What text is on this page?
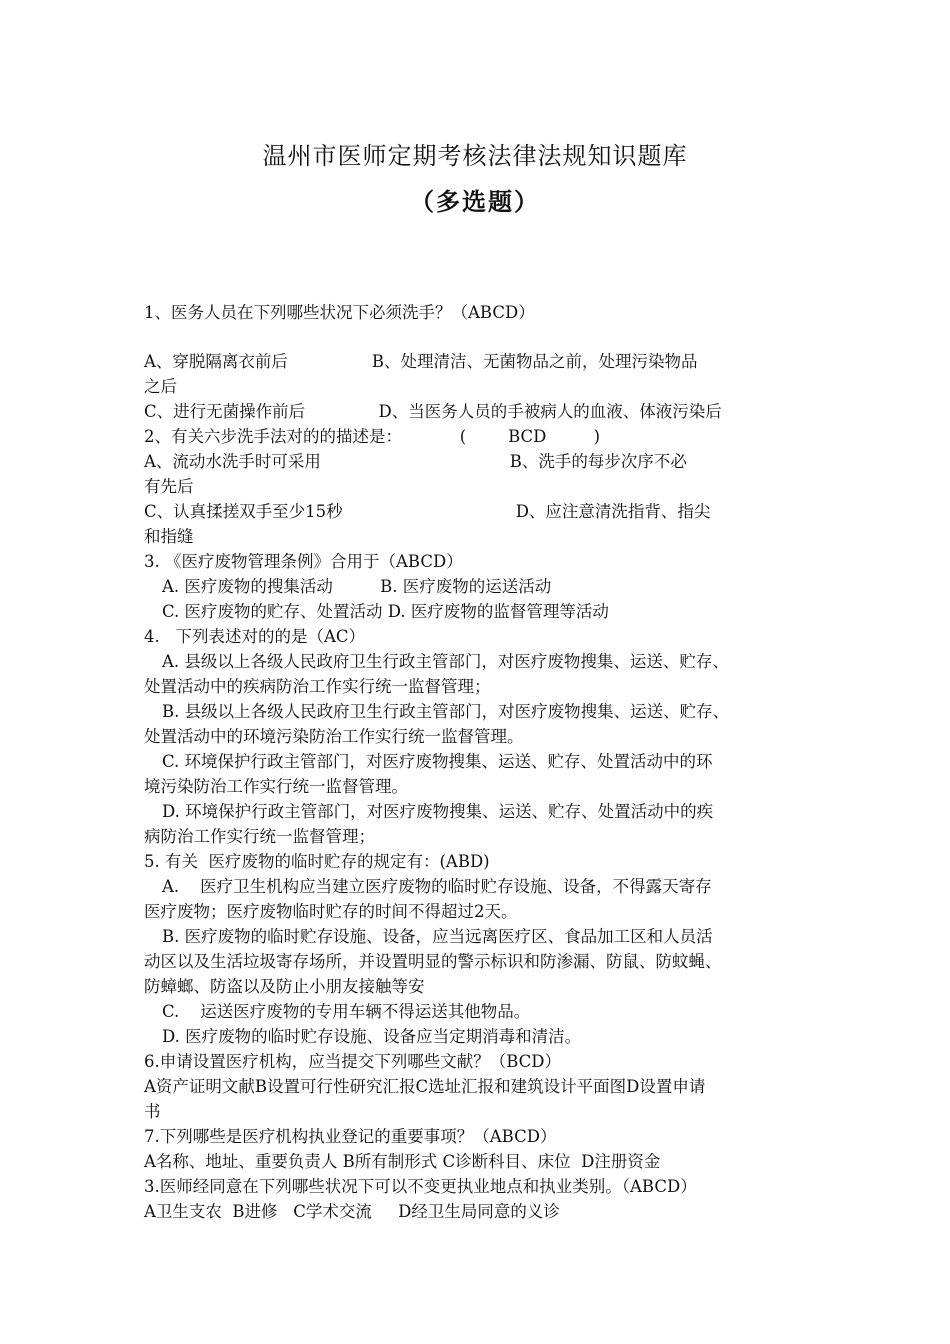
温州市医师定期考核法律法规知识题库
（多选题）
1、医务人员在下列哪些状况下必须洗手？（ABCD）
A、穿脱隔离衣前后                B、处理清洁、无菌物品之前，处理污染物品
之后
C、进行无菌操作前后              D、当医务人员的手被病人的血液、体液污染后
2、有关六步洗手法对的的描述是：           (        BCD         )
A、流动水洗手时可采用                                    B、洗手的每步次序不必
有先后
C、认真揉搓双手至少15秒                                 D、应注意清洗指背、指尖
和指缝
3. 《医疗废物管理条例》合用于（ABCD）
A. 医疗废物的搜集活动         B. 医疗废物的运送活动
C. 医疗废物的贮存、处置活动 D. 医疗废物的监督管理等活动
4.   下列表述对的的是（AC）
A. 县级以上各级人民政府卫生行政主管部门，对医疗废物搜集、运送、贮存、
处置活动中的疾病防治工作实行统一监督管理；
B. 县级以上各级人民政府卫生行政主管部门，对医疗废物搜集、运送、贮存、
处置活动中的环境污染防治工作实行统一监督管理。
C. 环境保护行政主管部门，对医疗废物搜集、运送、贮存、处置活动中的环
境污染防治工作实行统一监督管理。
D. 环境保护行政主管部门，对医疗废物搜集、运送、贮存、处置活动中的疾
病防治工作实行统一监督管理；
5. 有关  医疗废物的临时贮存的规定有：(ABD)
A.    医疗卫生机构应当建立医疗废物的临时贮存设施、设备，不得露天寄存
医疗废物；医疗废物临时贮存的时间不得超过2天。
B. 医疗废物的临时贮存设施、设备，应当远离医疗区、食品加工区和人员活
动区以及生活垃圾寄存场所，并设置明显的警示标识和防渗漏、防鼠、防蚊蝇、
防蟑螂、防盗以及防止小朋友接触等安
C.    运送医疗废物的专用车辆不得运送其他物品。
D. 医疗废物的临时贮存设施、设备应当定期消毒和清洁。
6.申请设置医疗机构，应当提交下列哪些文献？（BCD）
A资产证明文献B设置可行性研究汇报C选址汇报和建筑设计平面图D设置申请
书
7.下列哪些是医疗机构执业登记的重要事项？（ABCD）
A名称、地址、重要负责人 B所有制形式 C诊断科目、床位  D注册资金
3.医师经同意在下列哪些状况下可以不变更执业地点和执业类别。（ABCD）
A卫生支农  B进修   C学术交流     D经卫生局同意的义诊
